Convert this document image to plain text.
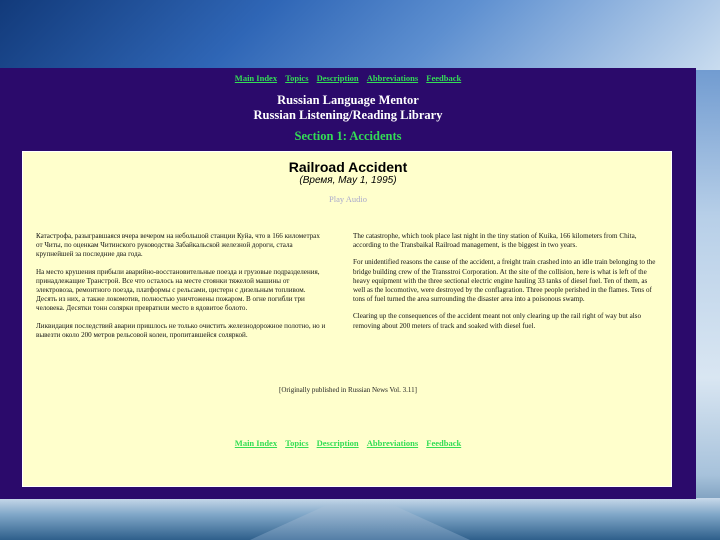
Main Index Topics Description Abbreviations Feedback
Russian Language Mentor
Russian Listening/Reading Library
Section 1: Accidents
Railroad Accident
(Время, May 1, 1995)
Play Audio

Катастрофа, разыгравшаяся вчера вечером на небольшой станции Куйа, что в 166 километрах от Читы, по оценкам Читинского руководства Забайкальской железной дороги, стала крупнейшей за последние два года.

На место крушения прибыли аварийно-восстановительные поезда и грузовые подразделения, принадлежащие Транстрой. Все что осталось на месте стоянки тяжелой машины от электровоза, ремонтного поезда, платформы с рельсами, цистерн с дизельным топливом. Десять из них, а также локомотив, полностью уничтожены пожаром. В огне погибли три человека. Десятки тонн солярки превратили место в ядовитое болото.

Ликвидация последствий аварии пришлось не только очистить железнодорожное полотно, но и вывезти около 200 метров рельсовой колеи, пропитавшейся соляркой.

The catastrophe, which took place last night in the tiny station of Kuika, 166 kilometers from Chita, according to the Transbaikal Railroad management, is the biggest in two years.

For unidentified reasons the cause of the accident, a freight train crashed into an idle train belonging to the bridge building crew of the Transstroi Corporation. At the site of the collision, here is what is left of the heavy equipment with the three sectional electric engine hauling 33 tanks of diesel fuel. Ten of them, as well as the locomotive, were destroyed by the conflagration. Three people perished in the flames. Tens of tons of fuel turned the area surrounding the disaster area into a poisonous swamp.

Clearing up the consequences of the accident meant not only clearing up the rail right of way but also removing about 200 meters of track and soaked with diesel fuel.

[Originally published in Russian News Vol. 3.11]
Main Index Topics Description Abbreviations Feedback
